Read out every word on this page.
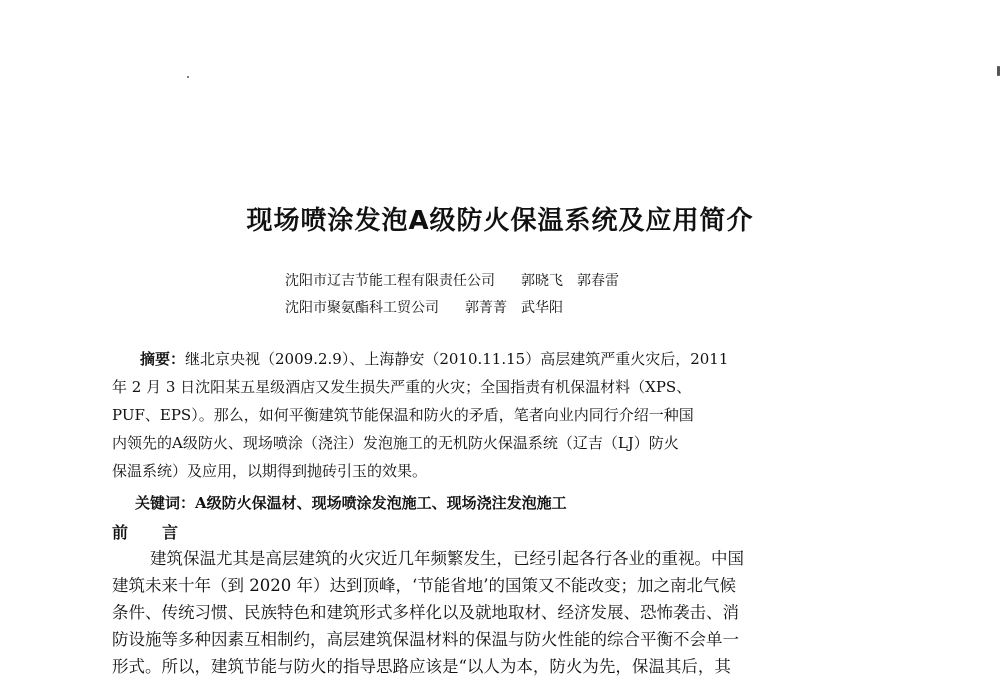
现场喷涂发泡A级防火保温系统及应用简介
沈阳市辽吉节能工程有限责任公司 郭晓飞　郭春雷
沈阳市聚氨酯科工贸公司 郭菁菁　武华阳
摘要：继北京央视（2009.2.9）、上海静安（2010.11.15）高层建筑严重火灾后，2011
年 2 月 3 日沈阳某五星级酒店又发生损失严重的火灾；全国指责有机保温材料（XPS、
PUF、EPS）。那么，如何平衡建筑节能保温和防火的矛盾，笔者向业内同行介绍一种国
内领先的A级防火、现场喷涂（浇注）发泡施工的无机防火保温系统（辽吉（LJ）防火
保温系统）及应用，以期得到抛砖引玉的效果。
关键词：A级防火保温材、现场喷涂发泡施工、现场浇注发泡施工
前言
建筑保温尤其是高层建筑的火灾近几年频繁发生，已经引起各行各业的重视。中国
建筑未来十年（到 2020 年）达到顶峰，‘节能省地’的国策又不能改变；加之南北气候
条件、传统习惯、民族特色和建筑形式多样化以及就地取材、经济发展、恐怖袭击、消
防设施等多种因素互相制约，高层建筑保温材料的保温与防火性能的综合平衡不会单一
形式。所以，建筑节能与防火的指导思路应该是“以人为本，防火为先，保温其后，其
